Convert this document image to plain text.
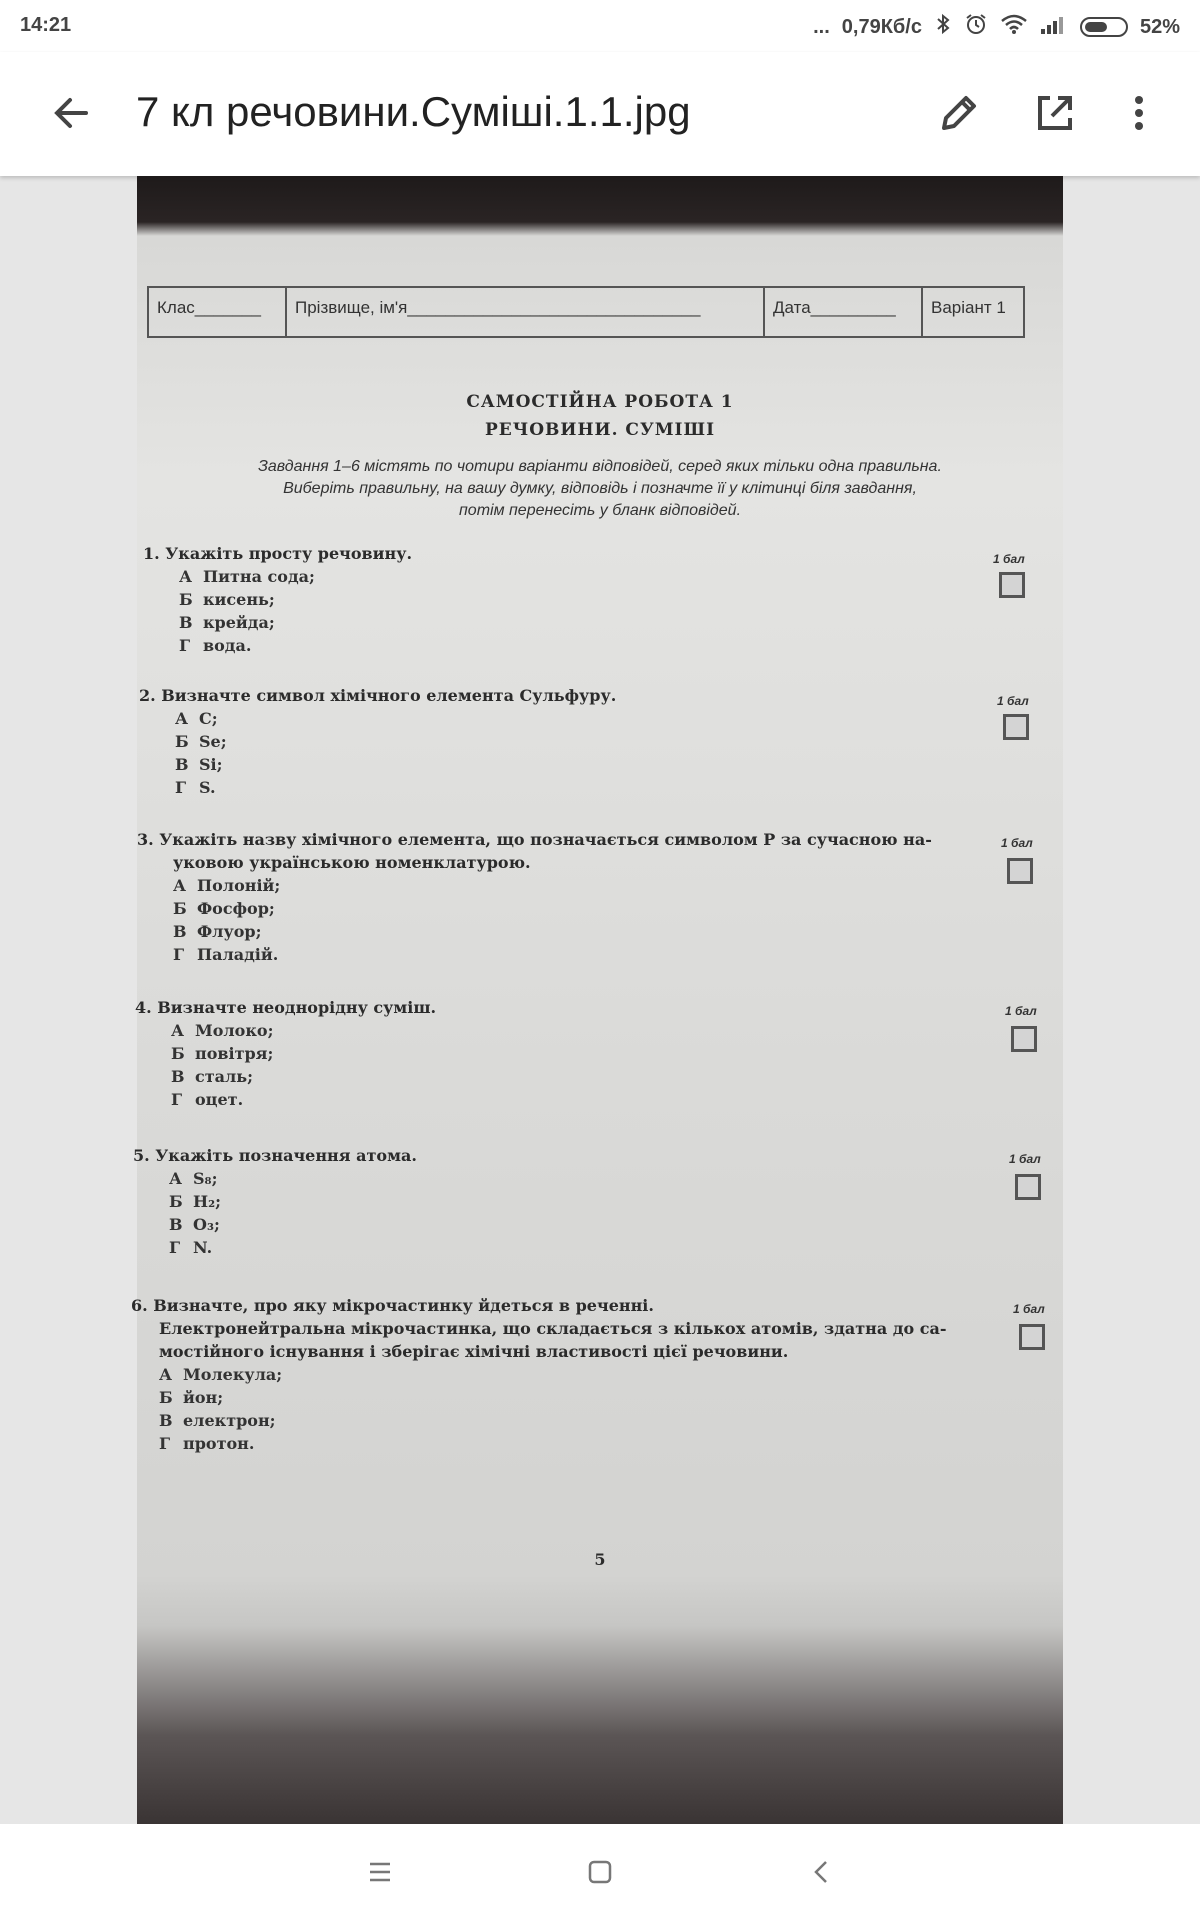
14:21	... 0,79Кб/с	52%
7 кл речовини.Суміші.1.1.jpg
Клас_______	Прізвище, ім'я_______________________________	Дата_________	Варіант 1
САМОСТІЙНА РОБОТА 1
РЕЧОВИНИ. СУМІШІ
Завдання 1–6 містять по чотири варіанти відповідей, серед яких тільки одна правильна.
Виберіть правильну, на вашу думку, відповідь і позначте її у клітинці біля завдання,
потім перенесіть у бланк відповідей.
1. Укажіть просту речовину.
А Питна сода;
Б кисень;
В крейда;
Г вода.
1 бал
2. Визначте символ хімічного елемента Сульфуру.
А C;
Б Se;
В Si;
Г S.
1 бал
3. Укажіть назву хімічного елемента, що позначається символом P за сучасною на-
уковою українською номенклатурою.
А Полоній;
Б Фосфор;
В Флуор;
Г Паладій.
1 бал
4. Визначте неоднорідну суміш.
А Молоко;
Б повітря;
В сталь;
Г оцет.
1 бал
5. Укажіть позначення атома.
А S₈;
Б H₂;
В O₃;
Г N.
1 бал
6. Визначте, про яку мікрочастинку йдеться в реченні.
Електронейтральна мікрочастинка, що складається з кількох атомів, здатна до са-
мостійного існування і зберігає хімічні властивості цієї речовини.
А Молекула;
Б йон;
В електрон;
Г протон.
1 бал
5
